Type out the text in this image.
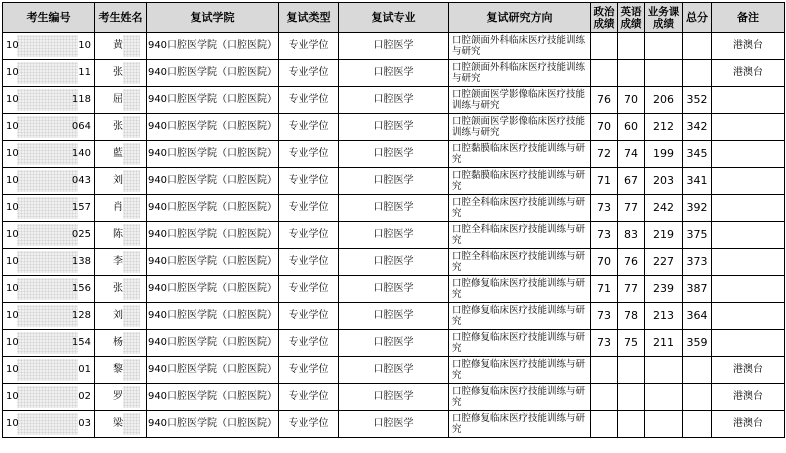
考生编号	考生姓名	复试学院	复试类型	复试专业	复试研究方向	政治成绩	英语成绩	业务课成绩	总分	备注

10 10	黄	940口腔医学院（口腔医院）	专业学位	口腔医学	口腔颌面外科临床医疗技能训练与研究					港澳台

10 11	张	940口腔医学院（口腔医院）	专业学位	口腔医学	口腔颌面外科临床医疗技能训练与研究					港澳台

10 118	屈	940口腔医学院（口腔医院）	专业学位	口腔医学	口腔颌面医学影像临床医疗技能训练与研究	76	70	206	352	

10 064	张	940口腔医学院（口腔医院）	专业学位	口腔医学	口腔颌面医学影像临床医疗技能训练与研究	70	60	212	342	

10 140	藍	940口腔医学院（口腔医院）	专业学位	口腔医学	口腔黏膜临床医疗技能训练与研究	72	74	199	345	

10 043	刘	940口腔医学院（口腔医院）	专业学位	口腔医学	口腔黏膜临床医疗技能训练与研究	71	67	203	341	

10 157	肖	940口腔医学院（口腔医院）	专业学位	口腔医学	口腔全科临床医疗技能训练与研究	73	77	242	392	

10 025	陈	940口腔医学院（口腔医院）	专业学位	口腔医学	口腔全科临床医疗技能训练与研究	73	83	219	375	

10 138	李	940口腔医学院（口腔医院）	专业学位	口腔医学	口腔全科临床医疗技能训练与研究	70	76	227	373	

10 156	张	940口腔医学院（口腔医院）	专业学位	口腔医学	口腔修复临床医疗技能训练与研究	71	77	239	387	

10 128	刘	940口腔医学院（口腔医院）	专业学位	口腔医学	口腔修复临床医疗技能训练与研究	73	78	213	364	

10 154	杨	940口腔医学院（口腔医院）	专业学位	口腔医学	口腔修复临床医疗技能训练与研究	73	75	211	359	

10 01	黎	940口腔医学院（口腔医院）	专业学位	口腔医学	口腔修复临床医疗技能训练与研究					港澳台

10 02	罗	940口腔医学院（口腔医院）	专业学位	口腔医学	口腔修复临床医疗技能训练与研究					港澳台

10 03	梁	940口腔医学院（口腔医院）	专业学位	口腔医学	口腔修复临床医疗技能训练与研究					港澳台
